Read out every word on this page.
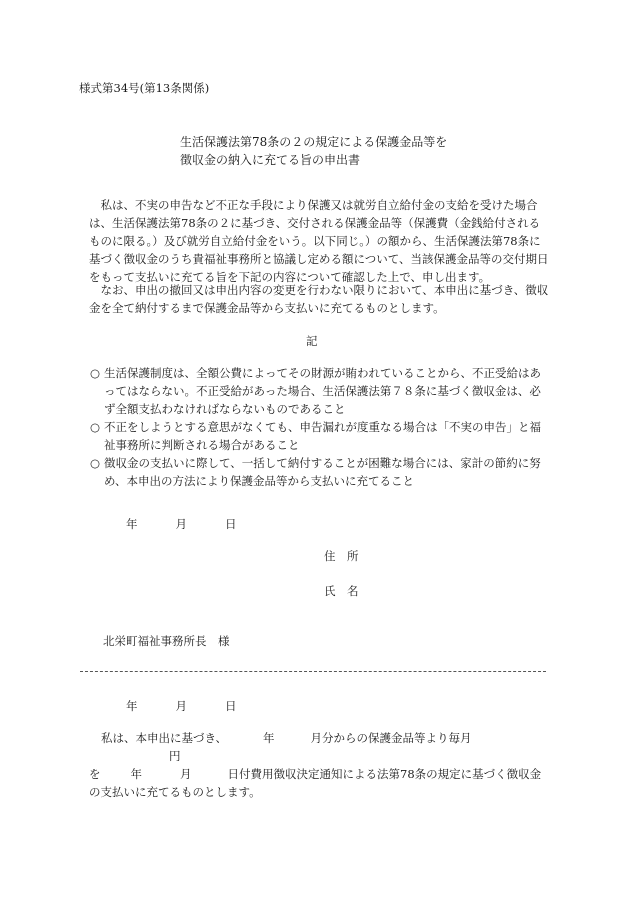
様式第34号(第13条関係)
生活保護法第78条の２の規定による保護金品等を
徴収金の納入に充てる旨の申出書
私は、不実の申告など不正な手段により保護又は就労自立給付金の支給を受けた場合は、生活保護法第78条の２に基づき、交付される保護金品等（保護費（金銭給付されるものに限る。）及び就労自立給付金をいう。以下同じ。）の額から、生活保護法第78条に基づく徴収金のうち貴福祉事務所と協議し定める額について、当該保護金品等の交付期日をもって支払いに充てる旨を下記の内容について確認した上で、申し出ます。
なお、申出の撤回又は申出内容の変更を行わない限りにおいて、本申出に基づき、徴収金を全て納付するまで保護金品等から支払いに充てるものとします。
記
○ 生活保護制度は、全額公費によってその財源が賄われていることから、不正受給はあってはならない。不正受給があった場合、生活保護法第７８条に基づく徴収金は、必ず全額支払わなければならないものであること
○ 不正をしようとする意思がなくても、申告漏れが度重なる場合は「不実の申告」と福祉事務所に判断される場合があること
○ 徴収金の支払いに際して、一括して納付することが困難な場合には、家計の節約に努め、本申出の方法により保護金品等から支払いに充てること
年	月	日
住　所
氏　名
北栄町福祉事務所長　様
年	月	日
私は、本申出に基づき、	年	月分からの保護金品等より毎月円
を	年	月	日付費用徴収決定通知による法第78条の規定に基づく徴収金
の支払いに充てるものとします。
